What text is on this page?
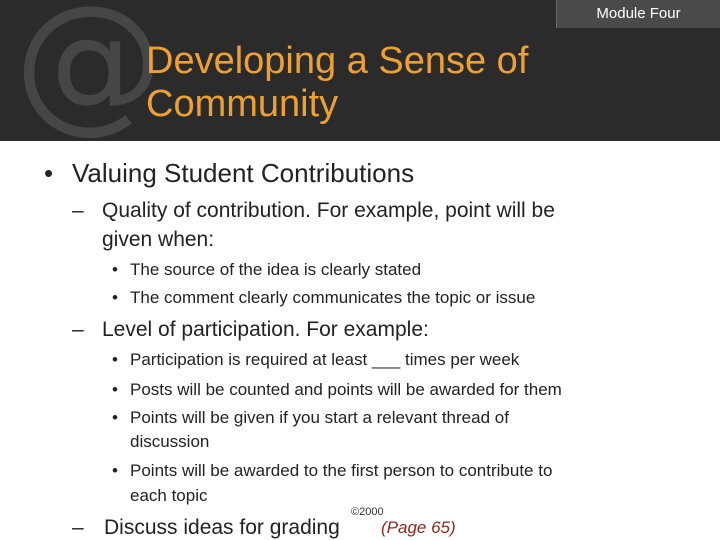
@	Module Four
Developing a Sense of
Community
• Valuing Student Contributions
– Quality of contribution. For example, point will be
given when:
• The source of the idea is clearly stated
• The comment clearly communicates the topic or issue
– Level of participation. For example:
• Participation is required at least ___ times per week
• Posts will be counted and points will be awarded for them
• Points will be given if you start a relevant thread of
discussion
• Points will be awarded to the first person to contribute to
each topic
– Discuss ideas for grading (Page 65)
©2000
